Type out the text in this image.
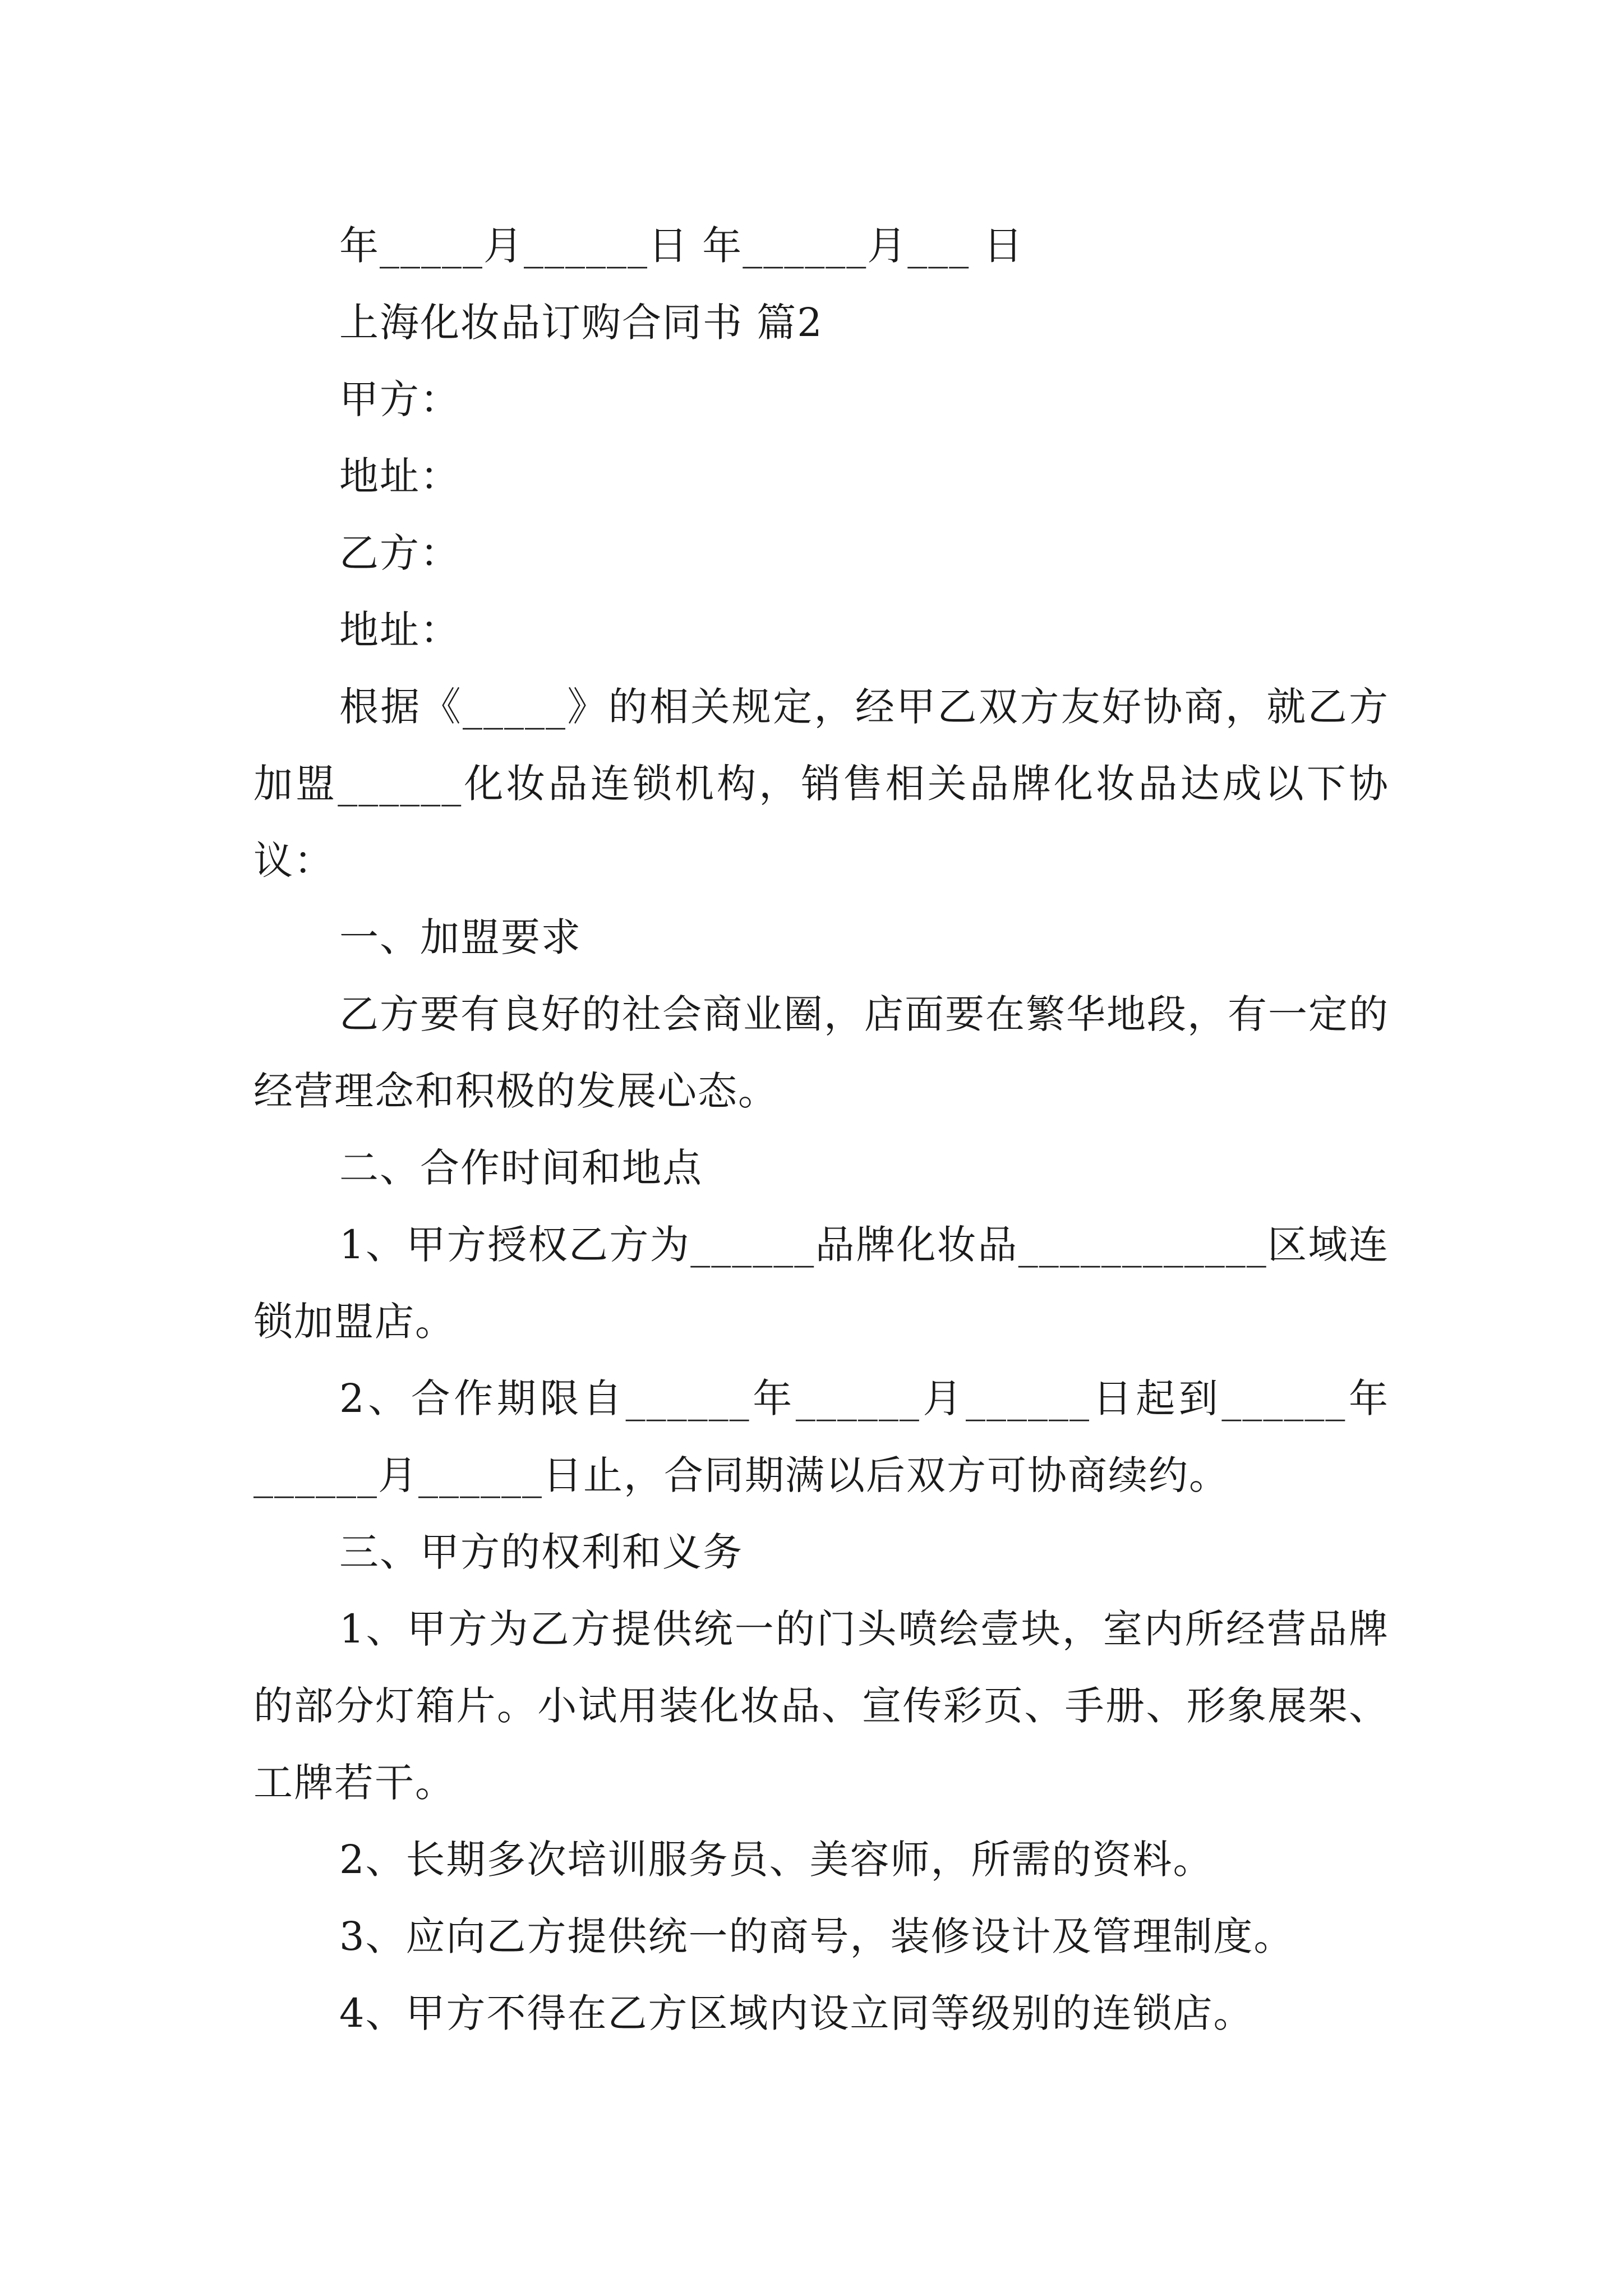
年_____月______日 年______月___ 日
上海化妆品订购合同书 篇2
甲方：
地址：
乙方：
地址：
根据《_____》的相关规定，经甲乙双方友好协商，就乙方加盟______化妆品连锁机构，销售相关品牌化妆品达成以下协议：
一、加盟要求
乙方要有良好的社会商业圈，店面要在繁华地段，有一定的经营理念和积极的发展心态。
二、合作时间和地点
1、甲方授权乙方为______品牌化妆品____________区域连锁加盟店。
2、合作期限自______年______月______日起到______年______月______日止，合同期满以后双方可协商续约。
三、甲方的权利和义务
1、甲方为乙方提供统一的门头喷绘壹块，室内所经营品牌的部分灯箱片。小试用装化妆品、宣传彩页、手册、形象展架、工牌若干。
2、长期多次培训服务员、美容师，所需的资料。
3、应向乙方提供统一的商号，装修设计及管理制度。
4、甲方不得在乙方区域内设立同等级别的连锁店。
